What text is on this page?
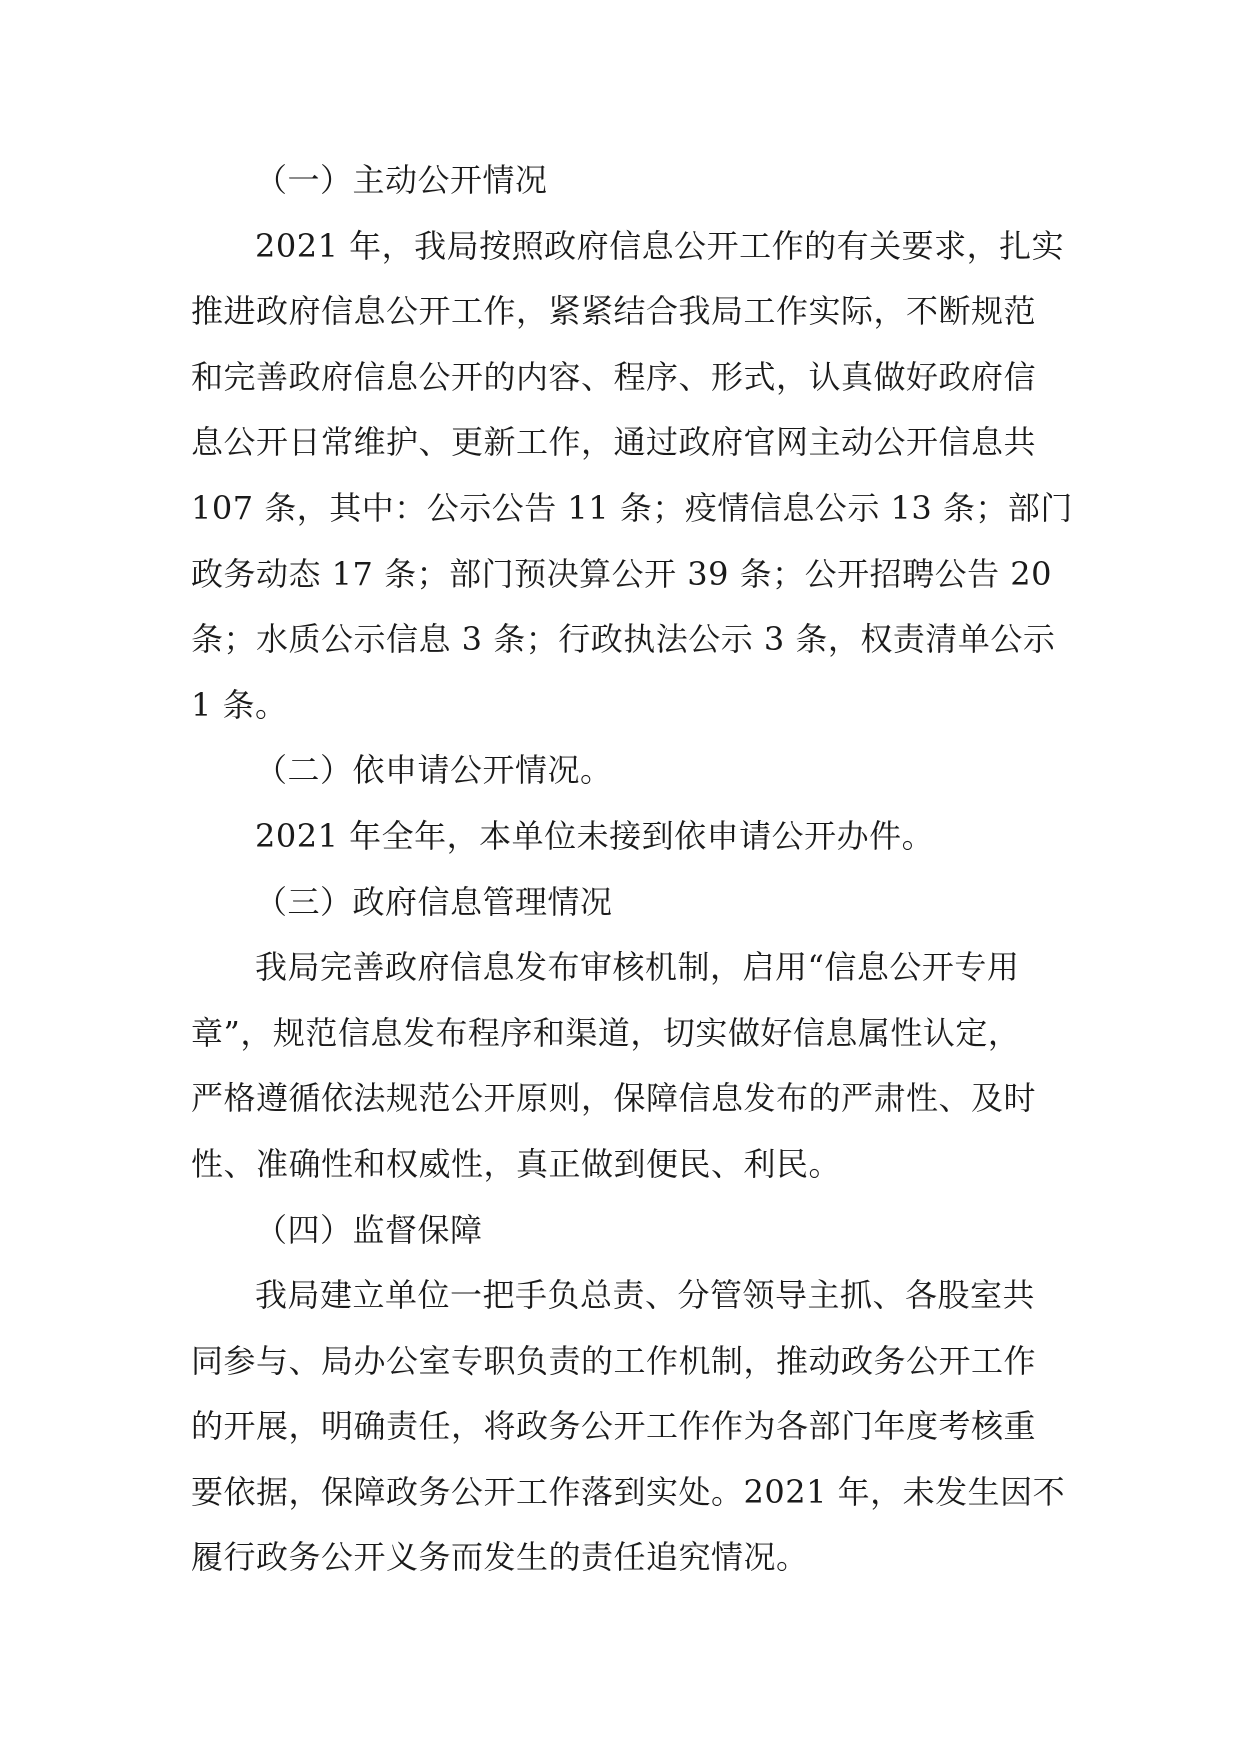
（一）主动公开情况
2021 年，我局按照政府信息公开工作的有关要求，扎实
推进政府信息公开工作，紧紧结合我局工作实际，不断规范
和完善政府信息公开的内容、程序、形式，认真做好政府信
息公开日常维护、更新工作，通过政府官网主动公开信息共
107 条，其中：公示公告 11 条；疫情信息公示 13 条；部门
政务动态 17 条；部门预决算公开 39 条；公开招聘公告 20
条；水质公示信息 3 条；行政执法公示 3 条，权责清单公示
1 条。
（二）依申请公开情况。
2021 年全年，本单位未接到依申请公开办件。
（三）政府信息管理情况
我局完善政府信息发布审核机制，启用“信息公开专用
章”，规范信息发布程序和渠道，切实做好信息属性认定，
严格遵循依法规范公开原则，保障信息发布的严肃性、及时
性、准确性和权威性，真正做到便民、利民。
（四）监督保障
我局建立单位一把手负总责、分管领导主抓、各股室共
同参与、局办公室专职负责的工作机制，推动政务公开工作
的开展，明确责任，将政务公开工作作为各部门年度考核重
要依据，保障政务公开工作落到实处。2021 年，未发生因不
履行政务公开义务而发生的责任追究情况。
